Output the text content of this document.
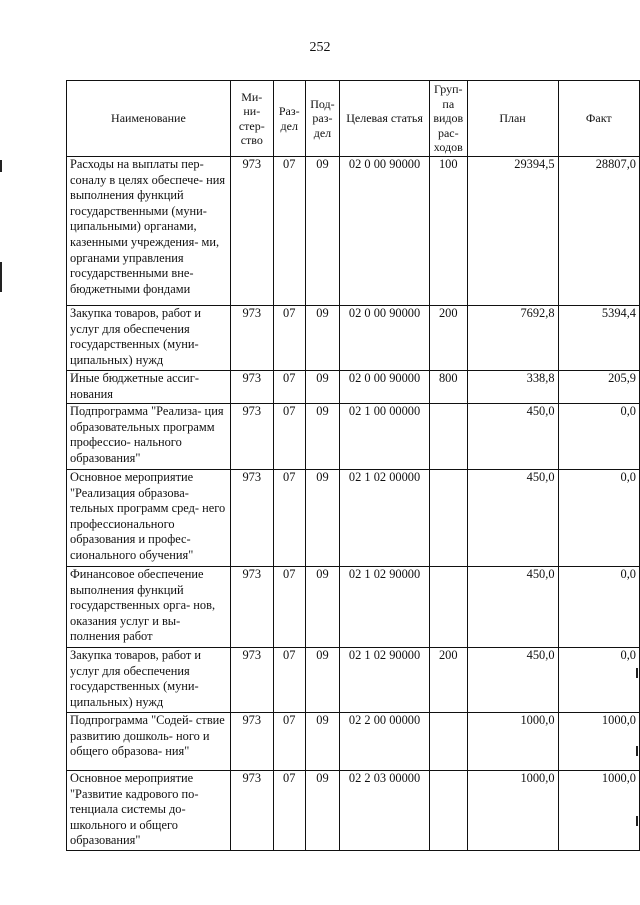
252
Наименование	Ми- ни- стер- ство	Раз- дел	Под- раз- дел	Целевая статья	Груп- па видов рас- ходов	План	Факт
Расходы на выплаты пер- соналу в целях обеспече- ния выполнения функций государственными (муни- ципальными) органами, казенными учреждения- ми, органами управления государственными вне- бюджетными фондами	973	07	09	02 0 00 90000	100	29394,5	28807,0
Закупка товаров, работ и услуг для обеспечения государственных (муни- ципальных) нужд	973	07	09	02 0 00 90000	200	7692,8	5394,4
Иные бюджетные ассиг- нования	973	07	09	02 0 00 90000	800	338,8	205,9
Подпрограмма "Реализа- ция образовательных программ профессио- нального образования"	973	07	09	02 1 00 00000		450,0	0,0
Основное мероприятие "Реализация образова- тельных программ сред- него профессионального образования и профес- сионального обучения"	973	07	09	02 1 02 00000		450,0	0,0
Финансовое обеспечение выполнения функций государственных орга- нов, оказания услуг и вы- полнения работ	973	07	09	02 1 02 90000		450,0	0,0
Закупка товаров, работ и услуг для обеспечения государственных (муни- ципальных) нужд	973	07	09	02 1 02 90000	200	450,0	0,0
Подпрограмма "Содей- ствие развитию дошколь- ного и общего образова- ния"	973	07	09	02 2 00 00000		1000,0	1000,0
Основное мероприятие "Развитие кадрового по- тенциала системы до- школьного и общего образования"	973	07	09	02 2 03 00000		1000,0	1000,0
